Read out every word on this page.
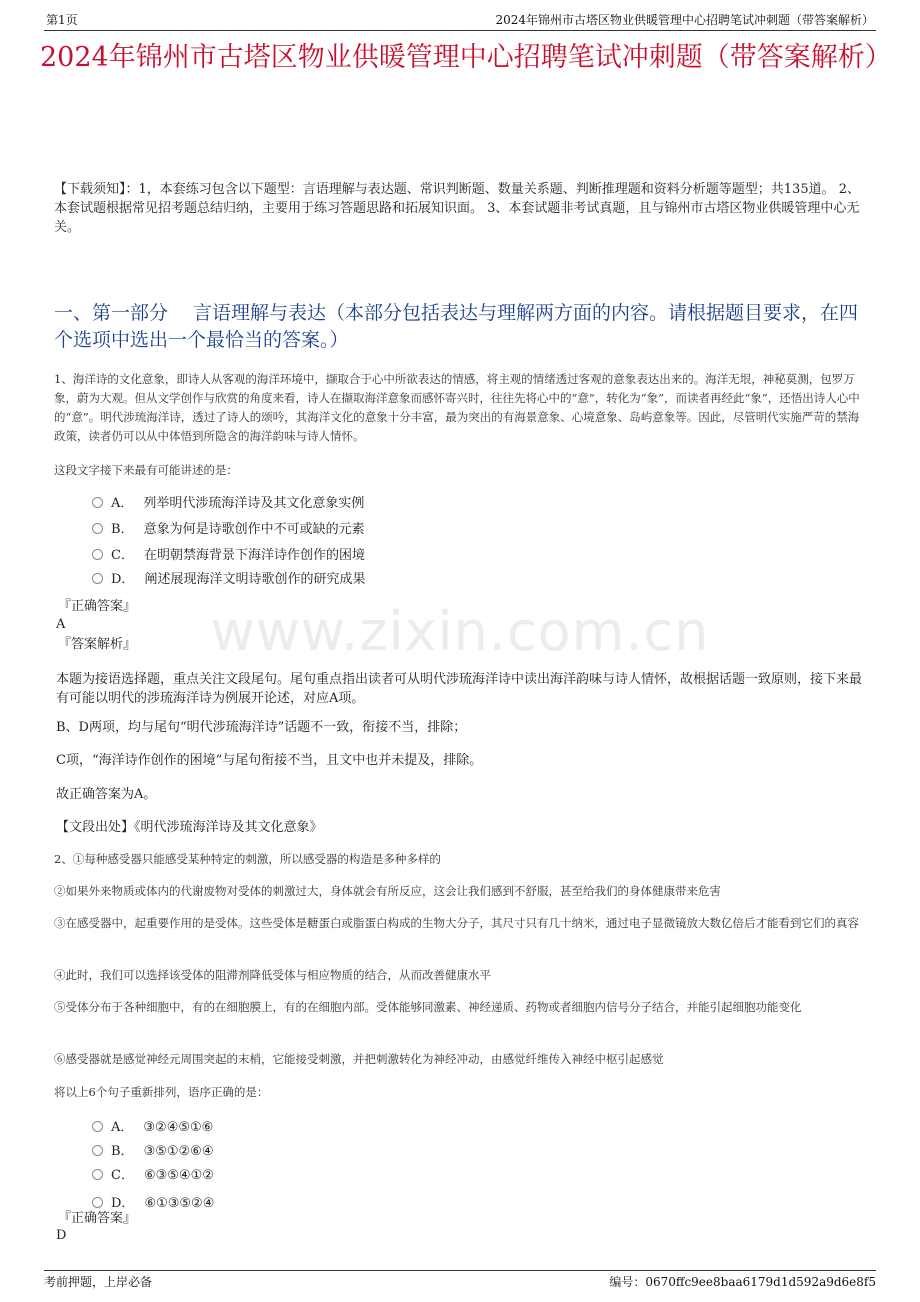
第1页	2024年锦州市古塔区物业供暖管理中心招聘笔试冲刺题（带答案解析）
2024年锦州市古塔区物业供暖管理中心招聘笔试冲刺题（带答案解析）
【下载须知】：1，本套练习包含以下题型：言语理解与表达题、常识判断题、数量关系题、判断推理题和资料分析题等题型；共135道。 2、本套试题根据常见招考题总结归纳，主要用于练习答题思路和拓展知识面。 3、本套试题非考试真题，且与锦州市古塔区物业供暖管理中心无关。
一、第一部分　 言语理解与表达（本部分包括表达与理解两方面的内容。请根据题目要求，在四个选项中选出一个最恰当的答案。）
1、海洋诗的文化意象，即诗人从客观的海洋环境中，撷取合于心中所欲表达的情感，将主观的情绪透过客观的意象表达出来的。海洋无垠，神秘莫测，包罗万象，蔚为大观。但从文学创作与欣赏的角度来看，诗人在撷取海洋意象而感怀寄兴时，往往先将心中的“意”，转化为“象”，而读者再经此“象”，还悟出诗人心中的“意”。明代涉琉海洋诗，透过了诗人的颂吟，其海洋文化的意象十分丰富，最为突出的有海景意象、心境意象、岛屿意象等。因此，尽管明代实施严苛的禁海政策，读者仍可以从中体悟到所隐含的海洋韵味与诗人情怀。
这段文字接下来最有可能讲述的是：
A． 列举明代涉琉海洋诗及其文化意象实例
B． 意象为何是诗歌创作中不可或缺的元素
C． 在明朝禁海背景下海洋诗作创作的困境
D． 阐述展现海洋文明诗歌创作的研究成果
『正确答案』
A
『答案解析』
本题为接语选择题，重点关注文段尾句。尾句重点指出读者可从明代涉琉海洋诗中读出海洋韵味与诗人情怀，故根据话题一致原则，接下来最有可能以明代的涉琉海洋诗为例展开论述，对应A项。
B、D两项，均与尾句“明代涉琉海洋诗”话题不一致，衔接不当，排除；
C项，“海洋诗作创作的困境”与尾句衔接不当，且文中也并未提及，排除。
故正确答案为A。
【文段出处】《明代涉琉海洋诗及其文化意象》
2、①每种感受器只能感受某种特定的刺激，所以感受器的构造是多种多样的
②如果外来物质或体内的代谢废物对受体的刺激过大，身体就会有所反应，这会让我们感到不舒服，甚至给我们的身体健康带来危害
③在感受器中，起重要作用的是受体。这些受体是糖蛋白或脂蛋白构成的生物大分子，其尺寸只有几十纳米，通过电子显微镜放大数亿倍后才能看到它们的真容
④此时，我们可以选择该受体的阻滞剂降低受体与相应物质的结合，从而改善健康水平
⑤受体分布于各种细胞中，有的在细胞膜上，有的在细胞内部。受体能够同激素、神经递质、药物或者细胞内信号分子结合，并能引起细胞功能变化
⑥感受器就是感觉神经元周围突起的末梢，它能接受刺激，并把刺激转化为神经冲动，由感觉纤维传入神经中枢引起感觉
将以上6个句子重新排列，语序正确的是：
A． ③②④⑤①⑥
B． ③⑤①②⑥④
C． ⑥③⑤④①②
D． ⑥①③⑤②④
『正确答案』
D
www.zixin.com.cn
考前押题，上岸必备	编号：0670ffc9ee8baa6179d1d592a9d6e8f5
